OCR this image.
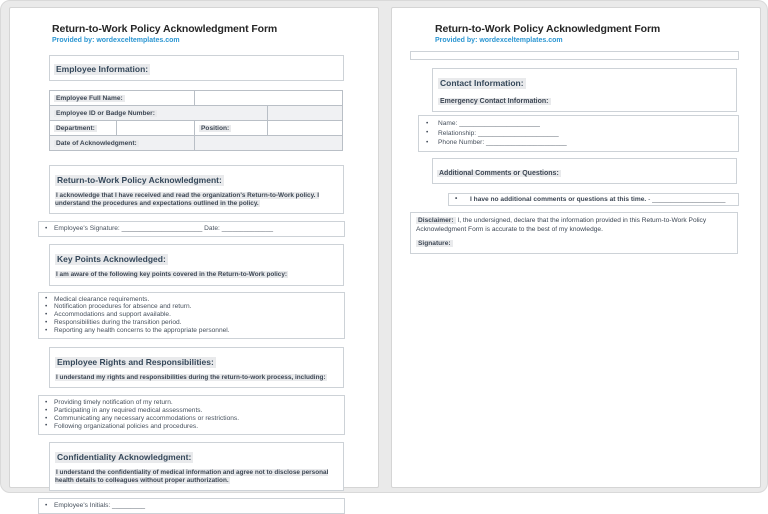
Return-to-Work Policy Acknowledgment Form
Provided by: wordexceltemplates.com
Employee Information:
Employee Full Name:			
Employee ID or Badge Number:			
Department:		Position:	
Date of Acknowledgment:			
Return-to-Work Policy Acknowledgment:
I acknowledge that I have received and read the organization's Return-to-Work policy. I understand the procedures and expectations outlined in the policy.
• Employee's Signature: ______________________ Date: ______________
Key Points Acknowledged:
I am aware of the following key points covered in the Return-to-Work policy:
• Medical clearance requirements.
• Notification procedures for absence and return.
• Accommodations and support available.
• Responsibilities during the transition period.
• Reporting any health concerns to the appropriate personnel.
Employee Rights and Responsibilities:
I understand my rights and responsibilities during the return-to-work process, including:
• Providing timely notification of my return.
• Participating in any required medical assessments.
• Communicating any necessary accommodations or restrictions.
• Following organizational policies and procedures.
Confidentiality Acknowledgment:
I understand the confidentiality of medical information and agree not to disclose personal health details to colleagues without proper authorization.
• Employee's Initials: _________
Return-to-Work Policy Acknowledgment Form
Provided by: wordexceltemplates.com
Contact Information:
Emergency Contact Information:
• Name: ______________________
• Relationship: ______________________
• Phone Number: ______________________
Additional Comments or Questions:
• I have no additional comments or questions at this time. - ____________________
Disclaimer: I, the undersigned, declare that the information provided in this Return-to-Work Policy Acknowledgment Form is accurate to the best of my knowledge.
Signature:
